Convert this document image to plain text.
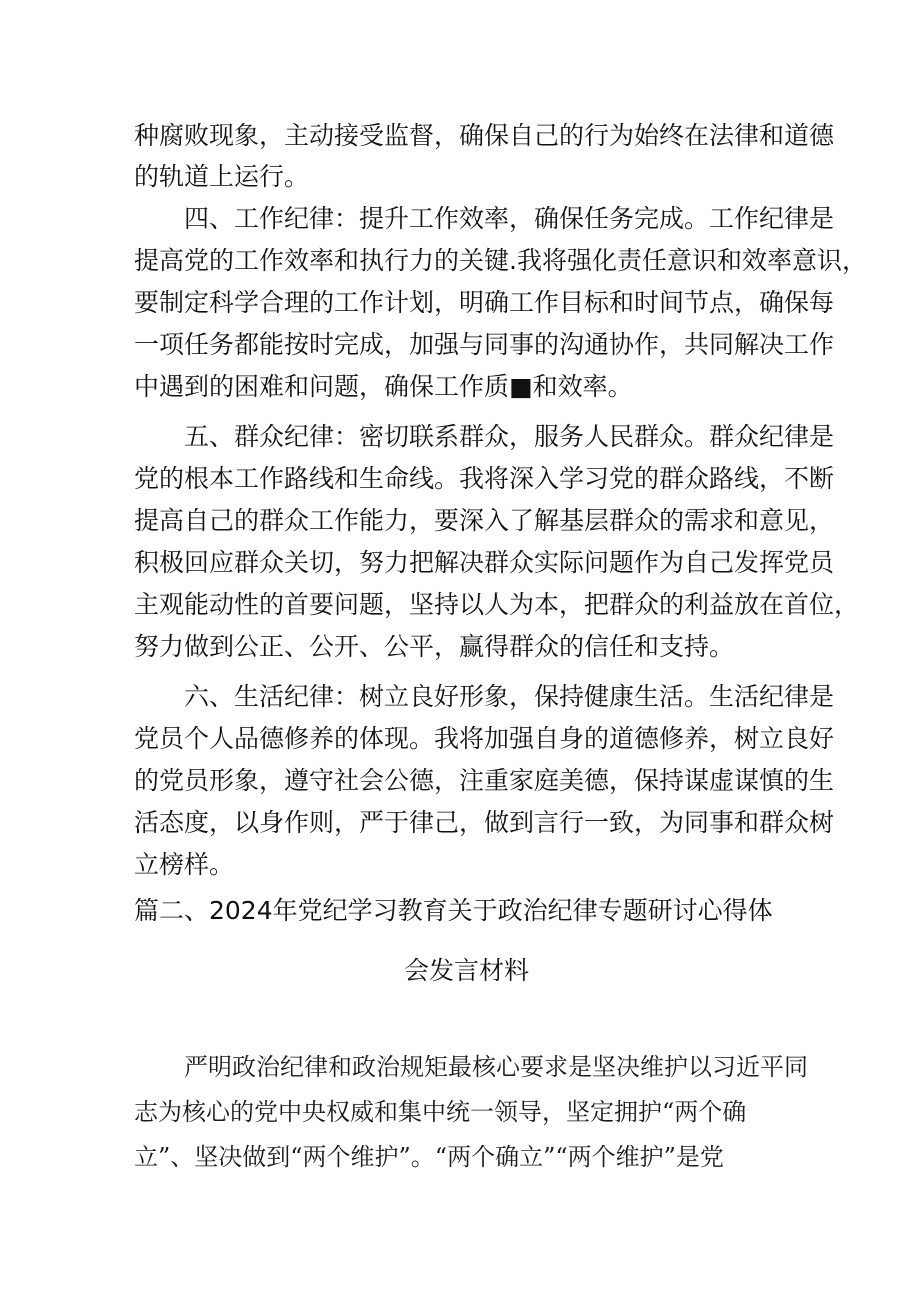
种腐败现象，主动接受监督，确保自己的行为始终在法律和道德
的轨道上运行。
四、工作纪律：提升工作效率，确保任务完成。工作纪律是
提高党的工作效率和执行力的关键.我将强化责任意识和效率意识，
要制定科学合理的工作计划，明确工作目标和时间节点，确保每
一项任务都能按时完成，加强与同事的沟通协作，共同解决工作
中遇到的困难和问题，确保工作质■和效率。
五、群众纪律：密切联系群众，服务人民群众。群众纪律是
党的根本工作路线和生命线。我将深入学习党的群众路线，不断
提高自己的群众工作能力，要深入了解基层群众的需求和意见，
积极回应群众关切，努力把解决群众实际问题作为自己发挥党员
主观能动性的首要问题，坚持以人为本，把群众的利益放在首位，
努力做到公正、公开、公平，赢得群众的信任和支持。
六、生活纪律：树立良好形象，保持健康生活。生活纪律是
党员个人品德修养的体现。我将加强自身的道德修养，树立良好
的党员形象，遵守社会公德，注重家庭美德，保持谋虚谋慎的生
活态度，以身作则，严于律己，做到言行一致，为同事和群众树
立榜样。
篇二、2024年党纪学习教育关于政治纪律专题研讨心得体
会发言材料
严明政治纪律和政治规矩最核心要求是坚决维护以习近平同
志为核心的党中央权威和集中统一领导，坚定拥护“两个确
立”、坚决做到“两个维护”。“两个确立”“两个维护”是党
